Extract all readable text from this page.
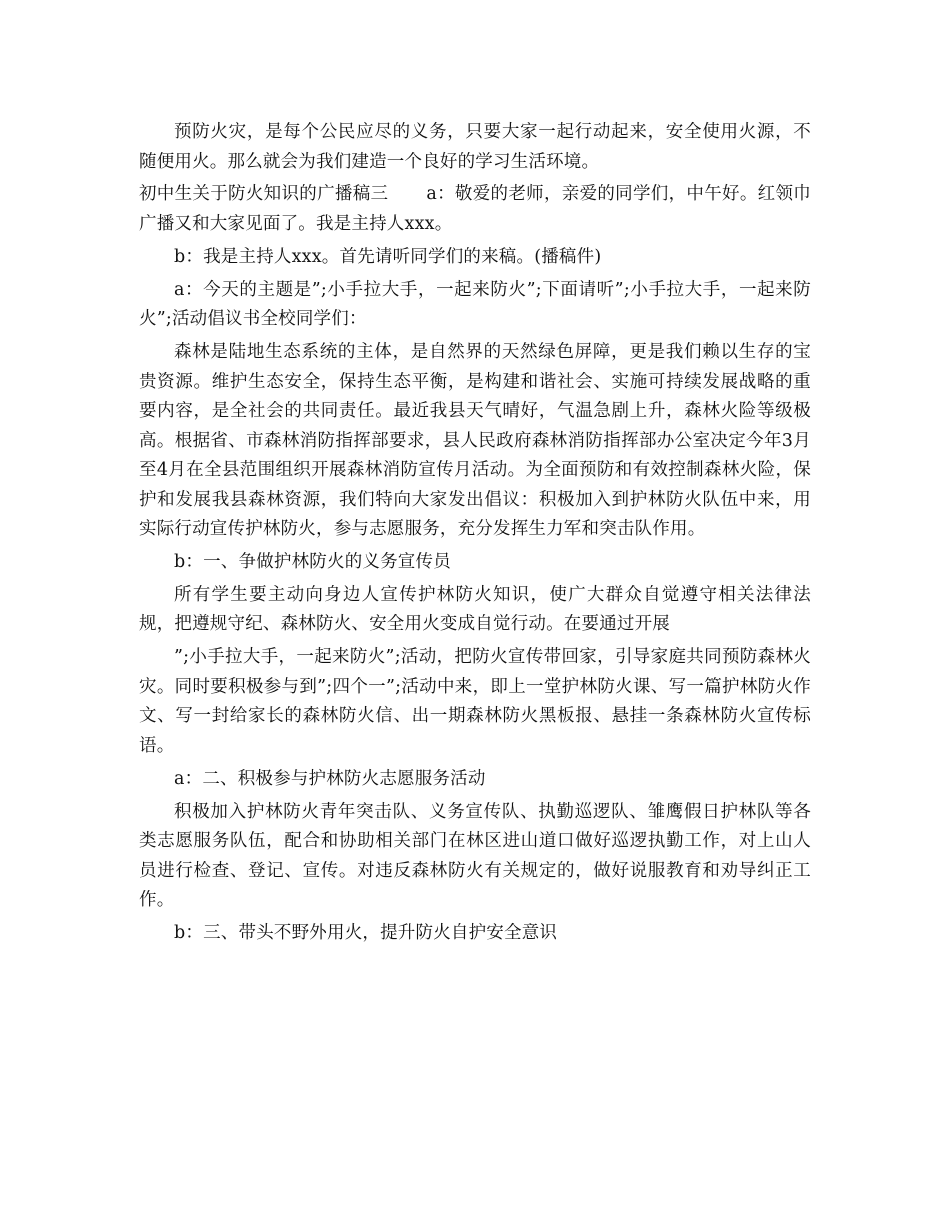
预防火灾，是每个公民应尽的义务，只要大家一起行动起来，安全使用火源，不随便用火。那么就会为我们建造一个良好的学习生活环境。

初中生关于防火知识的广播稿三 a：敬爱的老师，亲爱的同学们，中午好。红领巾广播又和大家见面了。我是主持人xxx。

b：我是主持人xxx。首先请听同学们的来稿。(播稿件)

a：今天的主题是”;小手拉大手，一起来防火”;下面请听”;小手拉大手，一起来防火”;活动倡议书全校同学们：

森林是陆地生态系统的主体，是自然界的天然绿色屏障，更是我们赖以生存的宝贵资源。维护生态安全，保持生态平衡，是构建和谐社会、实施可持续发展战略的重要内容，是全社会的共同责任。最近我县天气晴好，气温急剧上升，森林火险等级极高。根据省、市森林消防指挥部要求，县人民政府森林消防指挥部办公室决定今年3月至4月在全县范围组织开展森林消防宣传月活动。为全面预防和有效控制森林火险，保护和发展我县森林资源，我们特向大家发出倡议：积极加入到护林防火队伍中来，用实际行动宣传护林防火，参与志愿服务，充分发挥生力军和突击队作用。

b：一、争做护林防火的义务宣传员

所有学生要主动向身边人宣传护林防火知识，使广大群众自觉遵守相关法律法规，把遵规守纪、森林防火、安全用火变成自觉行动。在要通过开展

”;小手拉大手，一起来防火”;活动，把防火宣传带回家，引导家庭共同预防森林火灾。同时要积极参与到”;四个一”;活动中来，即上一堂护林防火课、写一篇护林防火作文、写一封给家长的森林防火信、出一期森林防火黑板报、悬挂一条森林防火宣传标语。

a：二、积极参与护林防火志愿服务活动

积极加入护林防火青年突击队、义务宣传队、执勤巡逻队、雏鹰假日护林队等各类志愿服务队伍，配合和协助相关部门在林区进山道口做好巡逻执勤工作，对上山人员进行检查、登记、宣传。对违反森林防火有关规定的，做好说服教育和劝导纠正工作。

b：三、带头不野外用火，提升防火自护安全意识
